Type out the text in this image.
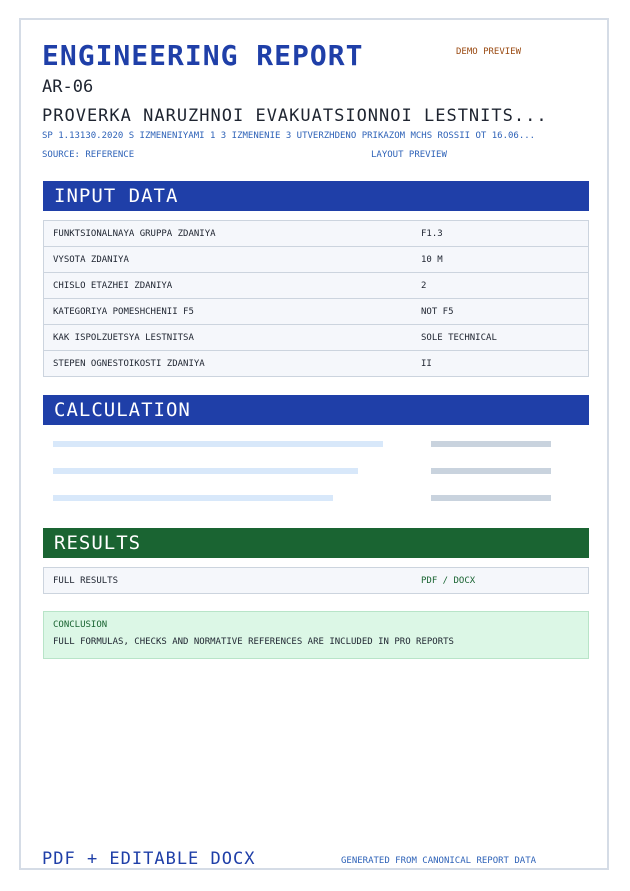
ENGINEERING REPORT	DEMO PREVIEW
AR-06
PROVERKA NARUZHNOI EVAKUATSIONNOI LESTNITS...
SP 1.13130.2020 S IZMENENIYAMI 1 3 IZMENENIE 3 UTVERZHDENO PRIKAZOM MCHS ROSSII OT 16.06...
SOURCE: REFERENCE	LAYOUT PREVIEW
INPUT DATA
FUNKTSIONALNAYA GRUPPA ZDANIYA	F1.3
VYSOTA ZDANIYA	10 M
CHISLO ETAZHEI ZDANIYA	2
KATEGORIYA POMESHCHENII F5	NOT F5
KAK ISPOLZUETSYA LESTNITSA	SOLE TECHNICAL
STEPEN OGNESTOIKOSTI ZDANIYA	II
CALCULATION
RESULTS
FULL RESULTS	PDF / DOCX
CONCLUSION
FULL FORMULAS, CHECKS AND NORMATIVE REFERENCES ARE INCLUDED IN PRO REPORTS
PDF + EDITABLE DOCX	GENERATED FROM CANONICAL REPORT DATA
